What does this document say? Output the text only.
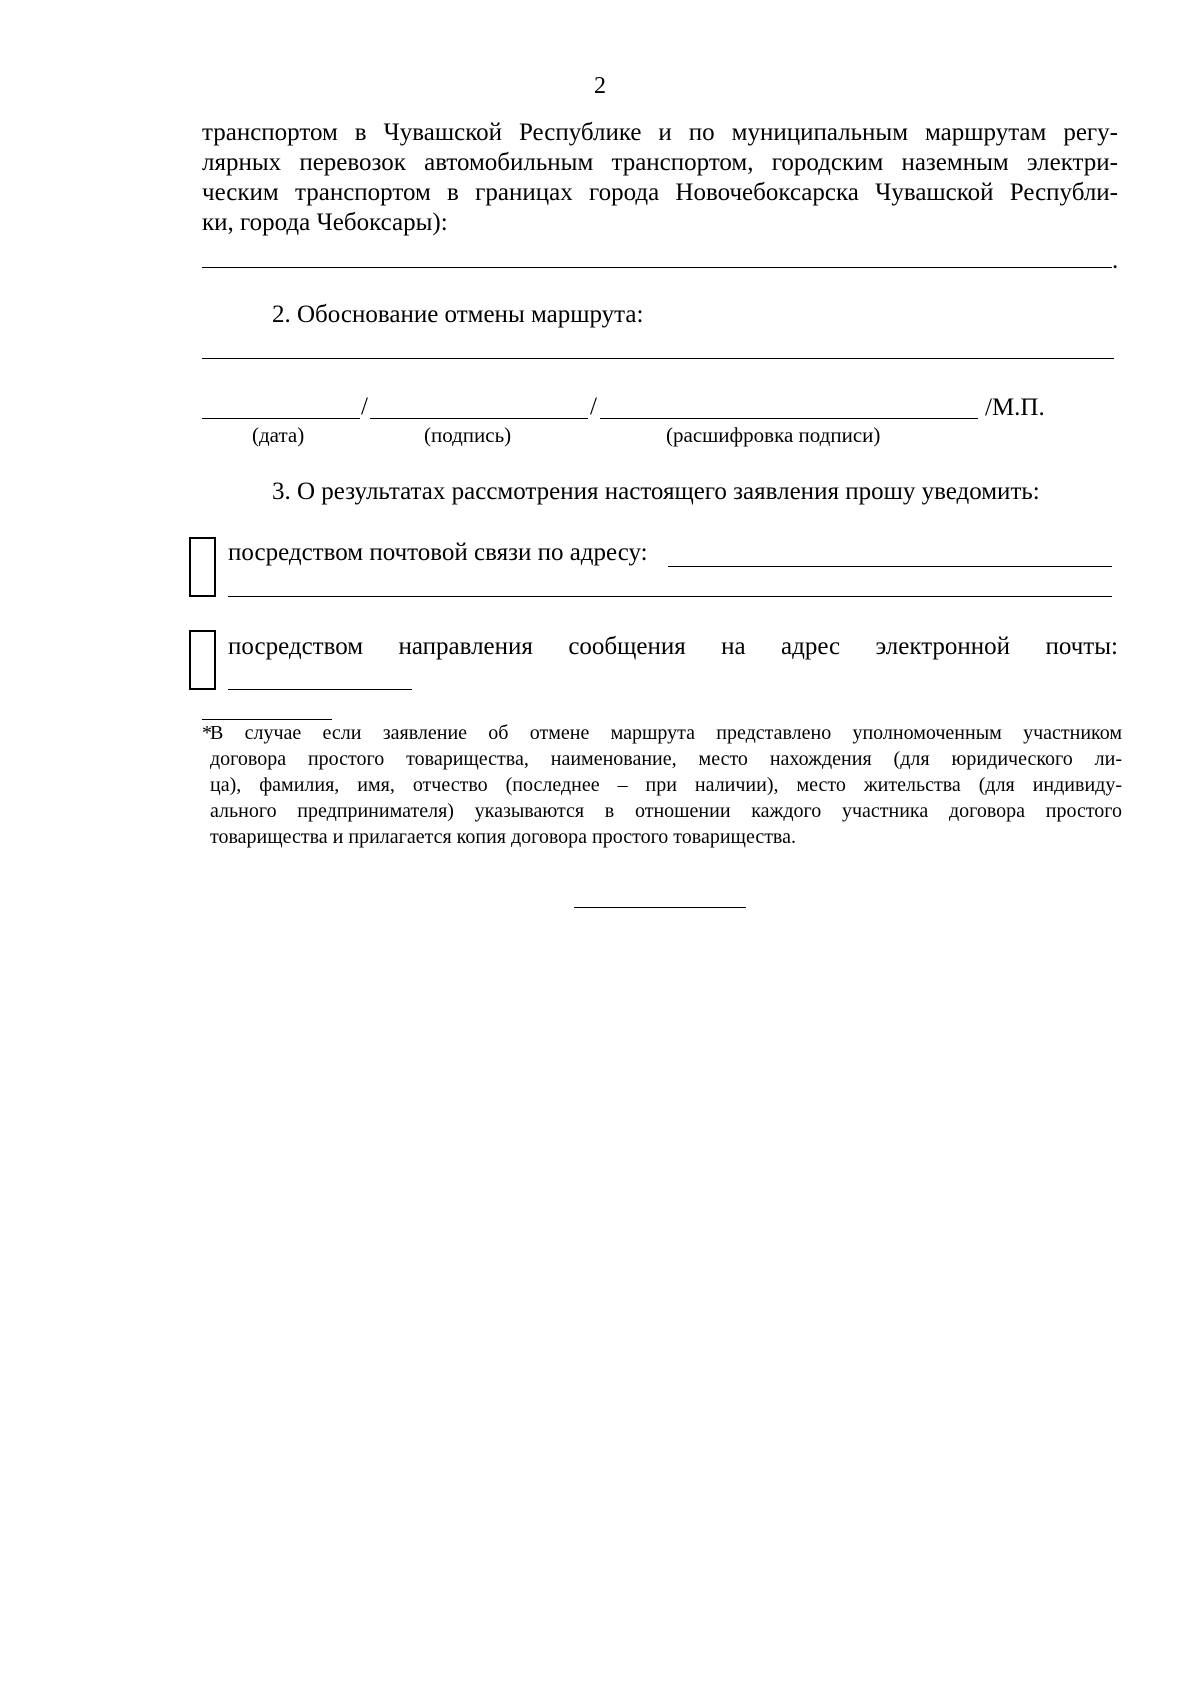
2
транспортом в Чувашской Республике и по муниципальным маршрутам регу-
лярных перевозок автомобильным транспортом, городским наземным электри-
ческим транспортом в границах города Новочебоксарска Чувашской Республи-
ки, города Чебоксары):
.
2. Обоснование отмены маршрута:
/	/	/М.П.
(дата)	(подпись)	(расшифровка подписи)
3. О результатах рассмотрения настоящего заявления прошу уведомить:
посредством почтовой связи по адресу:
посредством направления сообщения на адрес электронной почты:
*
В случае если заявление об отмене маршрута представлено уполномоченным участником
договора простого товарищества, наименование, место нахождения (для юридического ли-
ца), фамилия, имя, отчество (последнее – при наличии), место жительства (для индивиду-
ального предпринимателя) указываются в отношении каждого участника договора простого
товарищества и прилагается копия договора простого товарищества.
